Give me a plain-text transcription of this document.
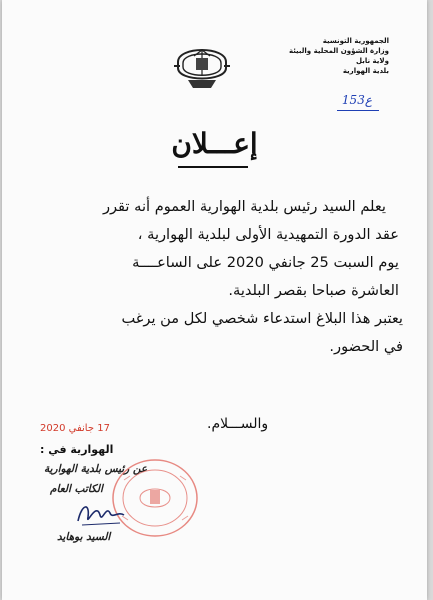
الجمهورية التونسية
وزارة الشؤون المحلية والبيئة
ولاية نابل
بلدية الهوارية
ع153
إعـــلان

يعلم السيد رئيس بلدية الهوارية العموم أنه تقرر

عقد الدورة التمهيدية الأولى لبلدية الهوارية ،

يوم السبت 25 جانفي 2020 على الساعــــة

العاشرة صباحا بقصر البلدية.

يعتبر هذا البلاغ استدعاء شخصي لكل من يرغب

في الحضور.

والســـلام.
17 جانفي 2020
الهوارية في :
عن رئيس بلدية الهوارية
الكاتب العام
السيد بوهايد
